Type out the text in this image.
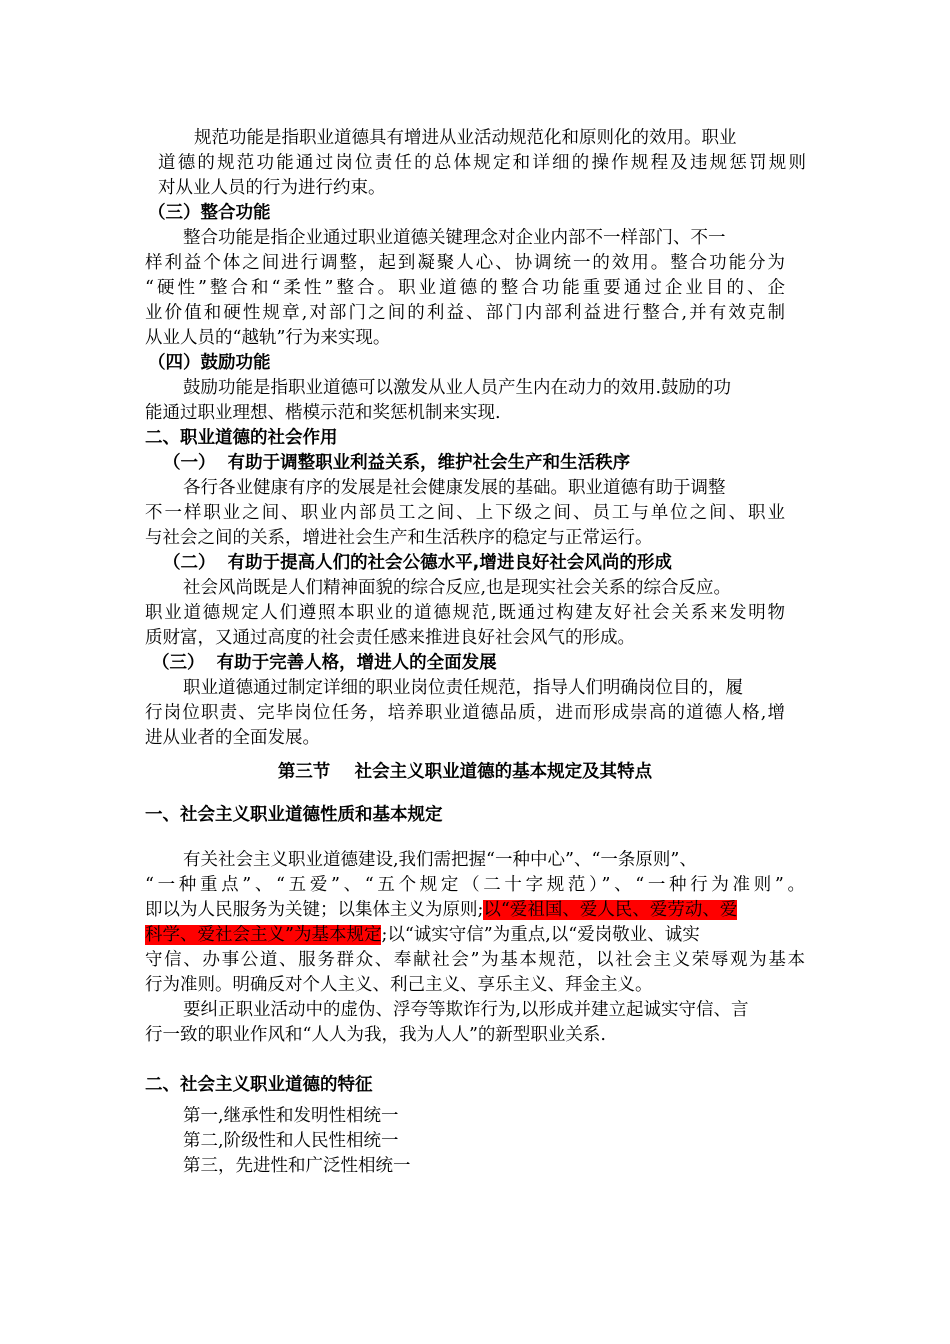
规范功能是指职业道德具有增进从业活动规范化和原则化的效用。职业
道德的规范功能通过岗位责任的总体规定和详细的操作规程及违规惩罚规则
对从业人员的行为进行约束。
（三）整合功能
整合功能是指企业通过职业道德关键理念对企业内部不一样部门、不一
样利益个体之间进行调整，起到凝聚人心、协调统一的效用。整合功能分为
“硬性”整合和“柔性”整合。职业道德的整合功能重要通过企业目的、企
业价值和硬性规章,对部门之间的利益、部门内部利益进行整合,并有效克制
从业人员的“越轨”行为来实现。
（四）鼓励功能
鼓励功能是指职业道德可以激发从业人员产生内在动力的效用.鼓励的功
能通过职业理想、楷模示范和奖惩机制来实现.
二、职业道德的社会作用
（一）  有助于调整职业利益关系，维护社会生产和生活秩序
各行各业健康有序的发展是社会健康发展的基础。职业道德有助于调整
不一样职业之间、职业内部员工之间、上下级之间、员工与单位之间、职业
与社会之间的关系，增进社会生产和生活秩序的稳定与正常运行。
（二）  有助于提高人们的社会公德水平,增进良好社会风尚的形成
社会风尚既是人们精神面貌的综合反应,也是现实社会关系的综合反应。
职业道德规定人们遵照本职业的道德规范,既通过构建友好社会关系来发明物
质财富，又通过高度的社会责任感来推进良好社会风气的形成。
（三）  有助于完善人格，增进人的全面发展
职业道德通过制定详细的职业岗位责任规范，指导人们明确岗位目的，履
行岗位职责、完毕岗位任务，培养职业道德品质，进而形成崇高的道德人格,增
进从业者的全面发展。
第三节    社会主义职业道德的基本规定及其特点
一、社会主义职业道德性质和基本规定
有关社会主义职业道德建设,我们需把握“一种中心”、“一条原则”、
“一种重点”、“五爱”、“五个规定（二十字规范）”、“一种行为准则”。
即以为人民服务为关键；以集体主义为原则;以“爱祖国、爱人民、爱劳动、爱
科学、爱社会主义”为基本规定;以“诚实守信”为重点,以“爱岗敬业、诚实
守信、办事公道、服务群众、奉献社会”为基本规范，以社会主义荣辱观为基本
行为准则。明确反对个人主义、利己主义、享乐主义、拜金主义。
要纠正职业活动中的虚伪、浮夸等欺诈行为,以形成并建立起诚实守信、言
行一致的职业作风和“人人为我，我为人人”的新型职业关系.
二、社会主义职业道德的特征
第一,继承性和发明性相统一
第二,阶级性和人民性相统一
第三，先进性和广泛性相统一
